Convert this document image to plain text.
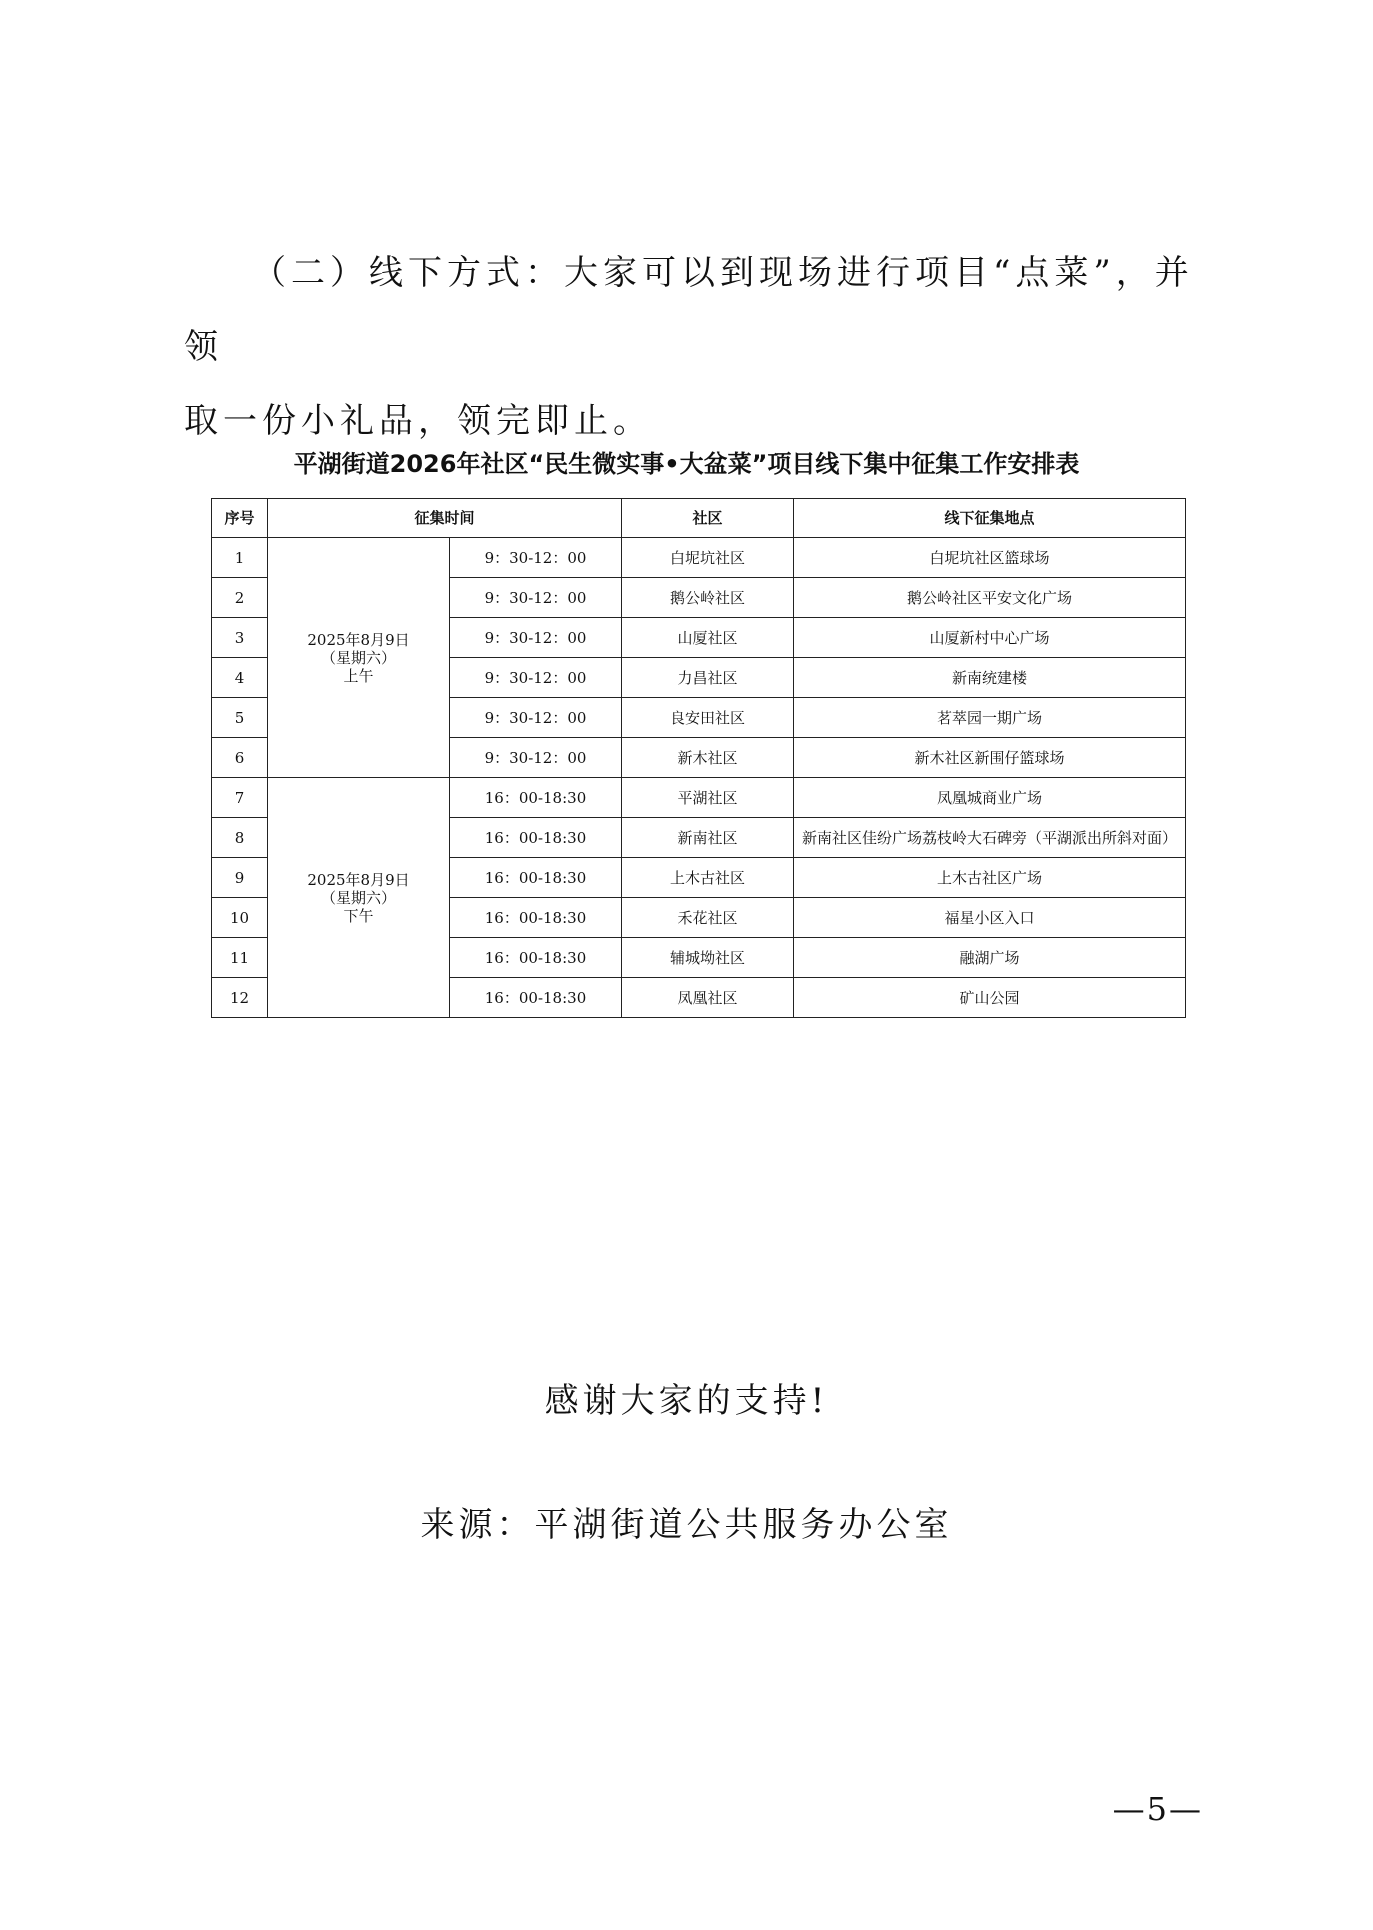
（二）线下方式：大家可以到现场进行项目“点菜”，并领
取一份小礼品，领完即止。
平湖街道2026年社区“民生微实事•大盆菜”项目线下集中征集工作安排表
序号	征集时间		社区	线下征集地点
1	2025年8月9日
（星期六）
上午	9：30-12：00	白坭坑社区	白坭坑社区篮球场
2		9：30-12：00	鹅公岭社区	鹅公岭社区平安文化广场
3		9：30-12：00	山厦社区	山厦新村中心广场
4		9：30-12：00	力昌社区	新南统建楼
5		9：30-12：00	良安田社区	茗萃园一期广场
6		9：30-12：00	新木社区	新木社区新围仔篮球场
7	2025年8月9日
（星期六）
下午	16：00-18:30	平湖社区	凤凰城商业广场
8		16：00-18:30	新南社区	新南社区佳纷广场荔枝岭大石碑旁（平湖派出所斜对面）
9		16：00-18:30	上木古社区	上木古社区广场
10		16：00-18:30	禾花社区	福星小区入口
11		16：00-18:30	辅城坳社区	融湖广场
12		16：00-18:30	凤凰社区	矿山公园
感谢大家的支持!
来源：平湖街道公共服务办公室
—5—
